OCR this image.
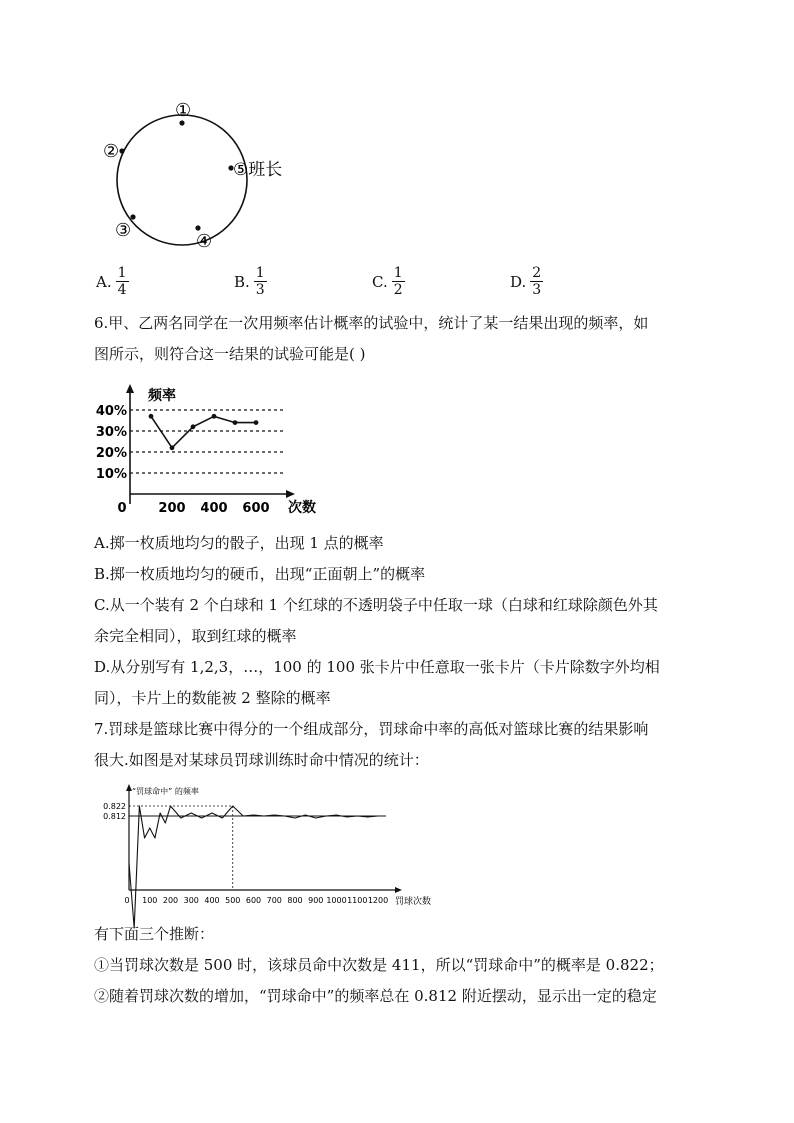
①
②
③
④
⑤班长
A. $\frac{1}{4}$	B. $\frac{1}{3}$	C. $\frac{1}{2}$	D. $\frac{2}{3}$
6.甲、乙两名同学在一次用频率估计概率的试验中，统计了某一结果出现的频率，如
图所示，则符合这一结果的试验可能是( )
频率
次数
10%
20%
30%
40%
0 200 400 600
A.掷一枚质地均匀的骰子，出现 1 点的概率
B.掷一枚质地均匀的硬币，出现“正面朝上”的概率
C.从一个装有 2 个白球和 1 个红球的不透明袋子中任取一球（白球和红球除颜色外其
余完全相同），取到红球的概率
D.从分别写有 1,2,3，…，100 的 100 张卡片中任意取一张卡片（卡片除数字外均相
同），卡片上的数能被 2 整除的概率
7.罚球是篮球比赛中得分的一个组成部分，罚球命中率的高低对篮球比赛的结果影响
很大.如图是对某球员罚球训练时命中情况的统计：
“罚球命中” 的频率
罚球次数
0.822
0.812
0 100 200 300 400 500 600 700 800 900 1000 1100 1200
有下面三个推断：
①当罚球次数是 500 时，该球员命中次数是 411，所以“罚球命中”的概率是 0.822；
②随着罚球次数的增加，“罚球命中”的频率总在 0.812 附近摆动，显示出一定的稳定
